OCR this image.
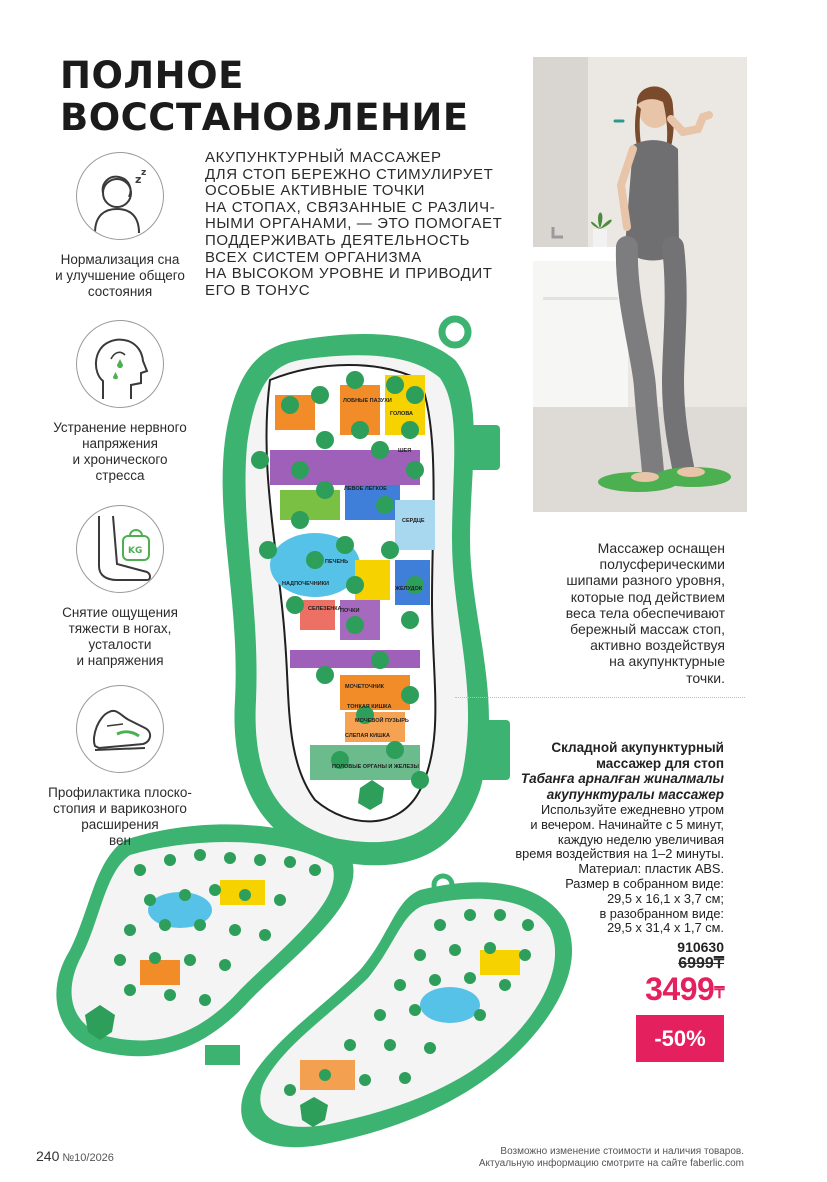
ПОЛНОЕ
ВОССТАНОВЛЕНИЕ
АКУПУНКТУРНЫЙ МАССАЖЕР
ДЛЯ СТОП БЕРЕЖНО СТИМУЛИРУЕТ
ОСОБЫЕ АКТИВНЫЕ ТОЧКИ
НА СТОПАХ, СВЯЗАННЫЕ С РАЗЛИЧ-
НЫМИ ОРГАНАМИ, — ЭТО ПОМОГАЕТ
ПОДДЕРЖИВАТЬ ДЕЯТЕЛЬНОСТЬ
ВСЕХ СИСТЕМ ОРГАНИЗМА
НА ВЫСОКОМ УРОВНЕ И ПРИВОДИТ
ЕГО В ТОНУС
ЛОБНЫЕ ПАЗУХИ
ГОЛОВА
ШЕЯ
ЛЕВОЕ ЛЕГКОЕ
СЕРДЦЕ
ПЕЧЕНЬ
НАДПОЧЕЧНИКИ
СЕЛЕЗЕНКА
ПОЧКИ
ЖЕЛУДОК
МОЧЕТОЧНИК
ТОНКАЯ КИШКА
МОЧЕВОЙ ПУЗЫРЬ
СЛЕПАЯ КИШКА
ПОЛОВЫЕ ОРГАНЫ И ЖЕЛЕЗЫ
z z
Нормализация сна
и улучшение общего
состояния
Устранение нервного
напряжения
и хронического
стресса
KG
Снятие ощущения
тяжести в ногах,
усталости
и напряжения
Профилактика плоско-
стопия и варикозного
расширения
вен
Массажер оснащен
полусферическими
шипами разного уровня,
которые под действием
веса тела обеспечивают
бережный массаж стоп,
активно воздействуя
на акупунктурные
точки.
Складной акупунктурный
массажер для стоп
Табанға арналған жиналмалы
акупунктуралы массажер
Используйте ежедневно утром
и вечером. Начинайте с 5 минут,
каждую неделю увеличивая
время воздействия на 1–2 минуты.
Материал: пластик ABS.
Размер в собранном виде:
29,5 х 16,1 х 3,7 см;
в разобранном виде:
29,5 х 31,4 х 1,7 см.
910630
6999₸
3499₸
-50%
240 №10/2026
Возможно изменение стоимости и наличия товаров.
Актуальную информацию смотрите на сайте faberlic.com
